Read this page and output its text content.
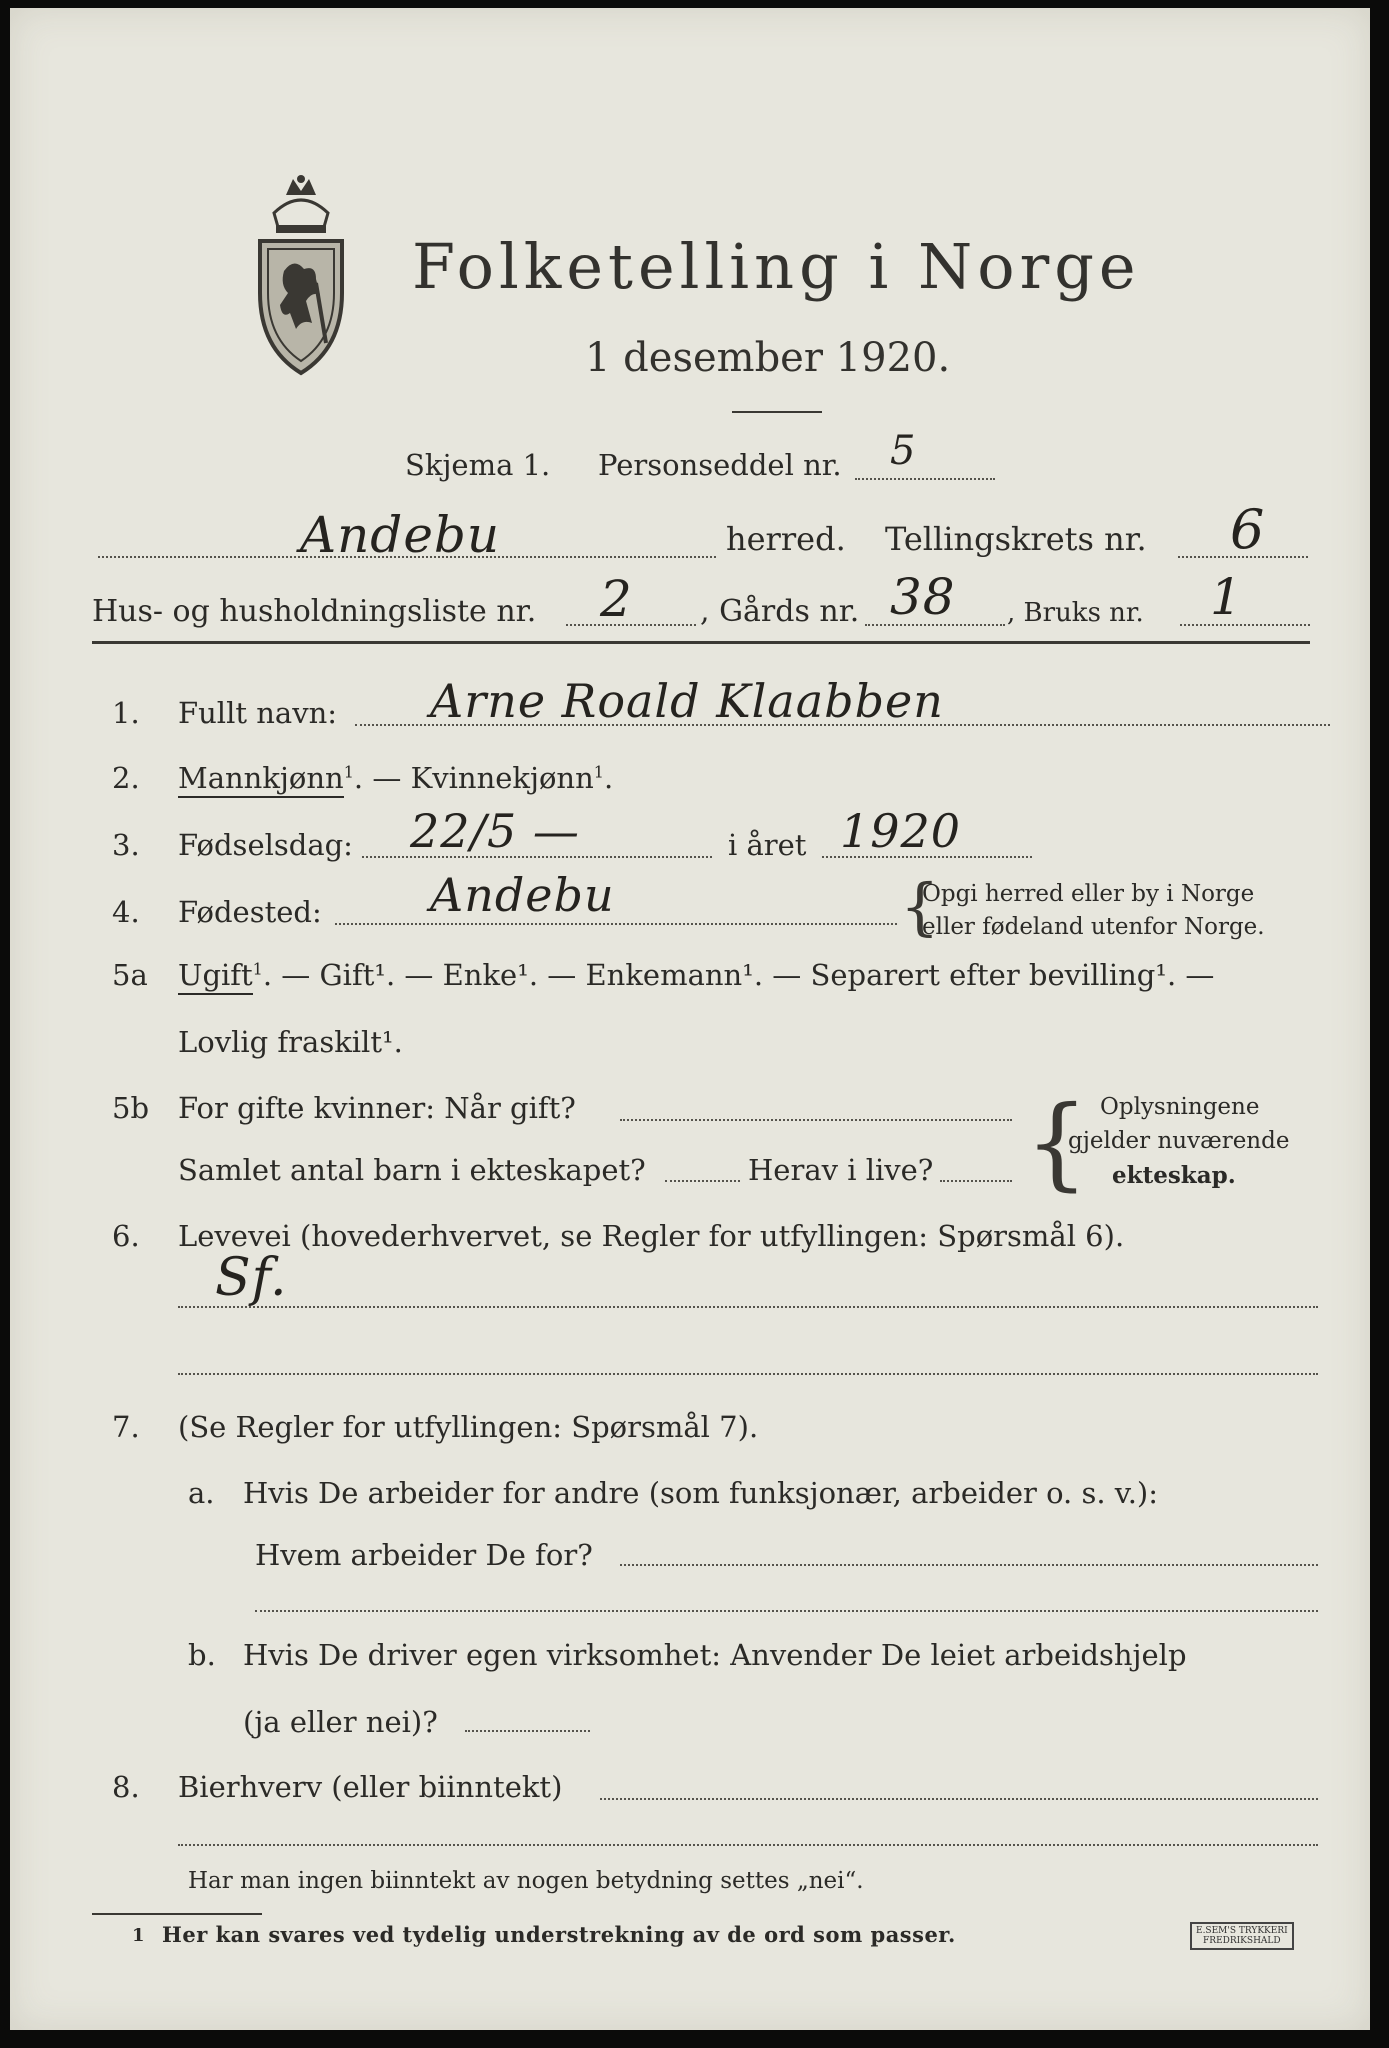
Folketelling i Norge
1 desember 1920.
Skjema 1. Personseddel nr. 5
Andebu	herred. Tellingskrets nr. 6
Hus- og husholdningsliste nr. 2 , Gårds nr. 38 , Bruks nr. 1
1. Fullt navn: Arne Roald Klaabben
2. Mannkjønn$^1$. — Kvinnekjønn$^1$.
3. Fødselsdag: 22/5 —	i året 1920
4. Fødested: Andebu	{
Opgi herred eller by i Norge
eller fødeland utenfor Norge.
5a Ugift$^1$. — Gift¹. — Enke¹. — Enkemann¹. — Separert efter bevilling¹. —
Lovlig fraskilt¹.
5b For gifte kvinner: Når gift?
Samlet antal barn i ekteskapet?	Herav i live? { Oplysningene
gjelder nuværende
ekteskap.
6. Levevei (hovederhvervet, se Regler for utfyllingen: Spørsmål 6).
Sf.
7. (Se Regler for utfyllingen: Spørsmål 7).
a. Hvis De arbeider for andre (som funksjonær, arbeider o. s. v.):
Hvem arbeider De for?
b. Hvis De driver egen virksomhet: Anvender De leiet arbeidshjelp
(ja eller nei)?
8. Bierhverv (eller biinntekt)
Har man ingen biinntekt av nogen betydning settes „nei“.
1 Her kan svares ved tydelig understrekning av de ord som passer.	E.SEM'S TRYKKERI
FREDRIKSHALD
